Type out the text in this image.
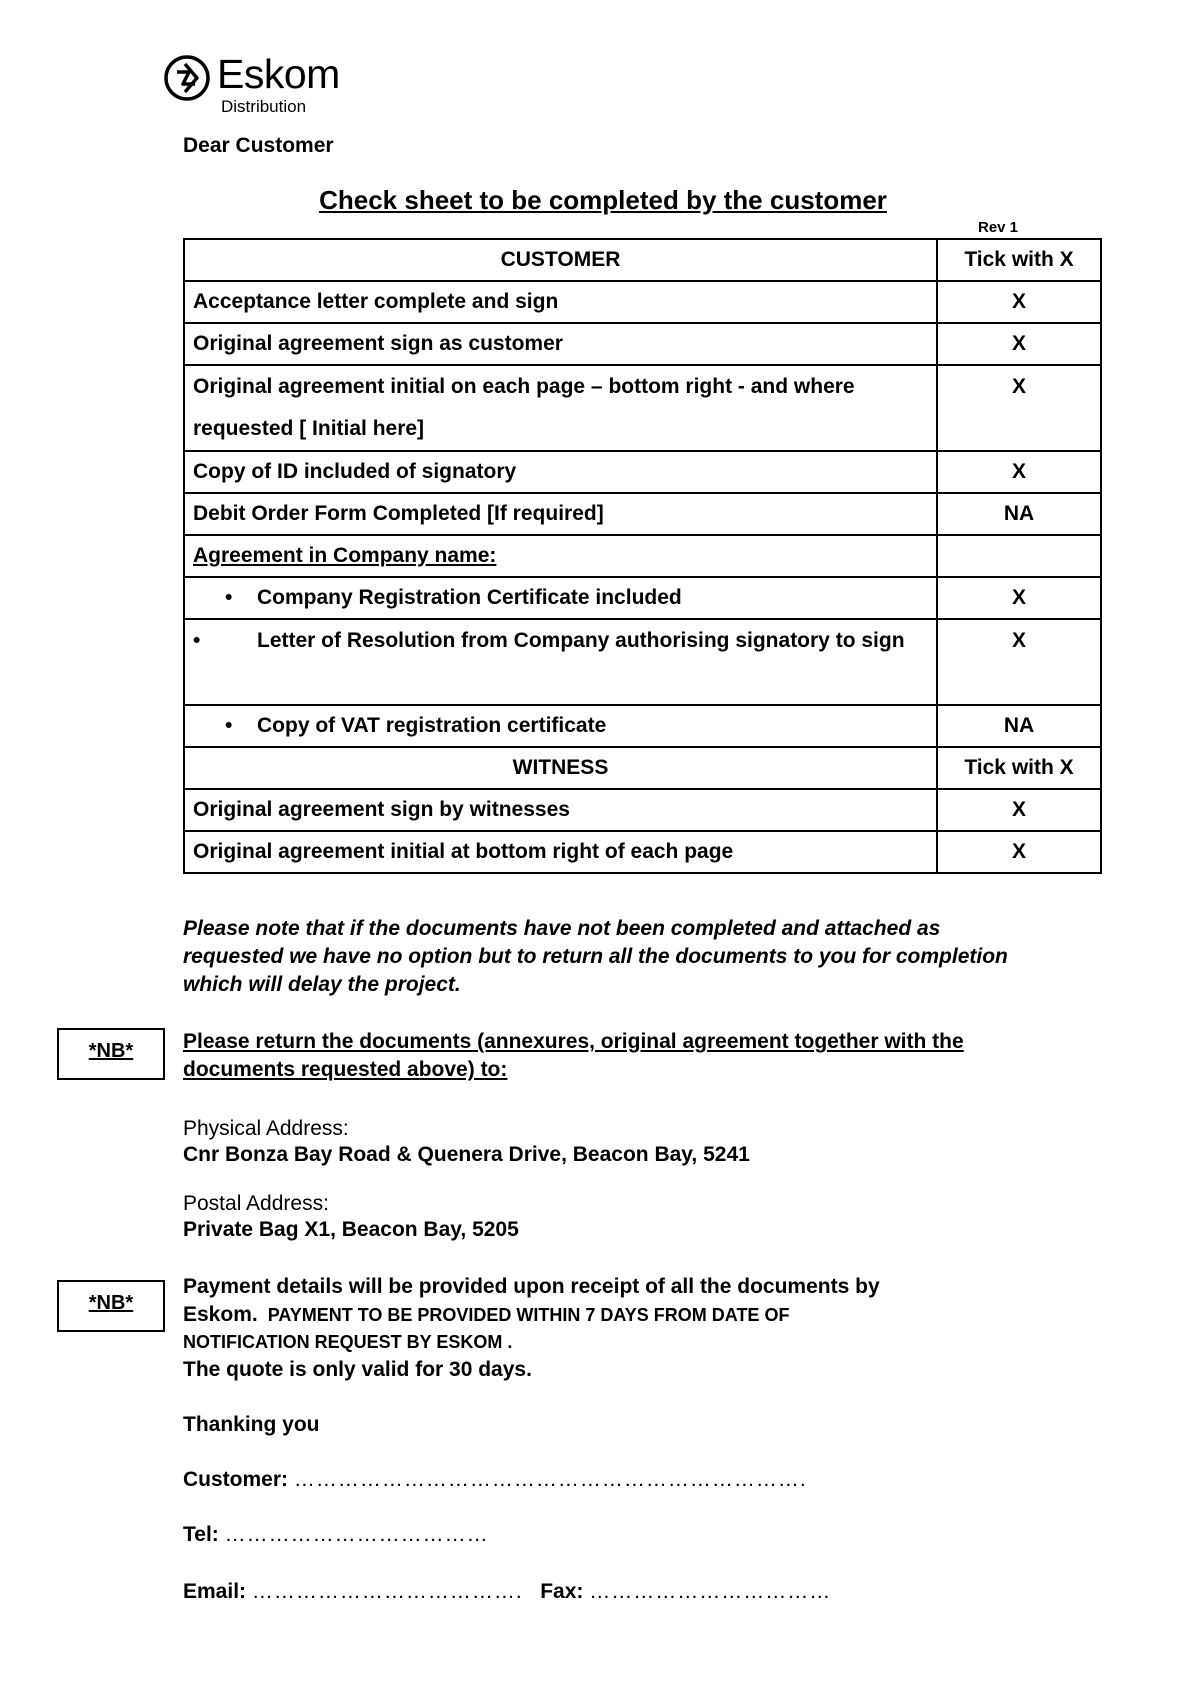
Eskom
Distribution
Dear Customer
Check sheet to be completed by the customer
Rev 1
CUSTOMER	Tick with X
Acceptance letter complete and sign	X
Original agreement sign as customer	X
Original agreement initial on each page – bottom right - and where requested [ Initial here]	X
Copy of ID included of signatory	X
Debit Order Form Completed [If required]	NA
Agreement in Company name:	
• Company Registration Certificate included	X
• Letter of Resolution from Company authorising signatory to sign	X
• Copy of VAT registration certificate	NA
WITNESS	Tick with X
Original agreement sign by witnesses	X
Original agreement initial at bottom right of each page	X
Please note that if the documents have not been completed and attached as requested we have no option but to return all the documents to you for completion which will delay the project.
*NB*	Please return the documents (annexures, original agreement together with the documents requested above) to:
Physical Address:
Cnr Bonza Bay Road & Quenera Drive, Beacon Bay, 5241
Postal Address:
Private Bag X1, Beacon Bay, 5205
*NB*
Payment details will be provided upon receipt of all the documents by
Eskom. PAYMENT TO BE PROVIDED WITHIN 7 DAYS FROM DATE OF
NOTIFICATION REQUEST BY ESKOM .
The quote is only valid for 30 days.
Thanking you
Customer: …………………………………………………………….
Tel: ………………………………
Email: ………………………………. Fax: ……………………………
